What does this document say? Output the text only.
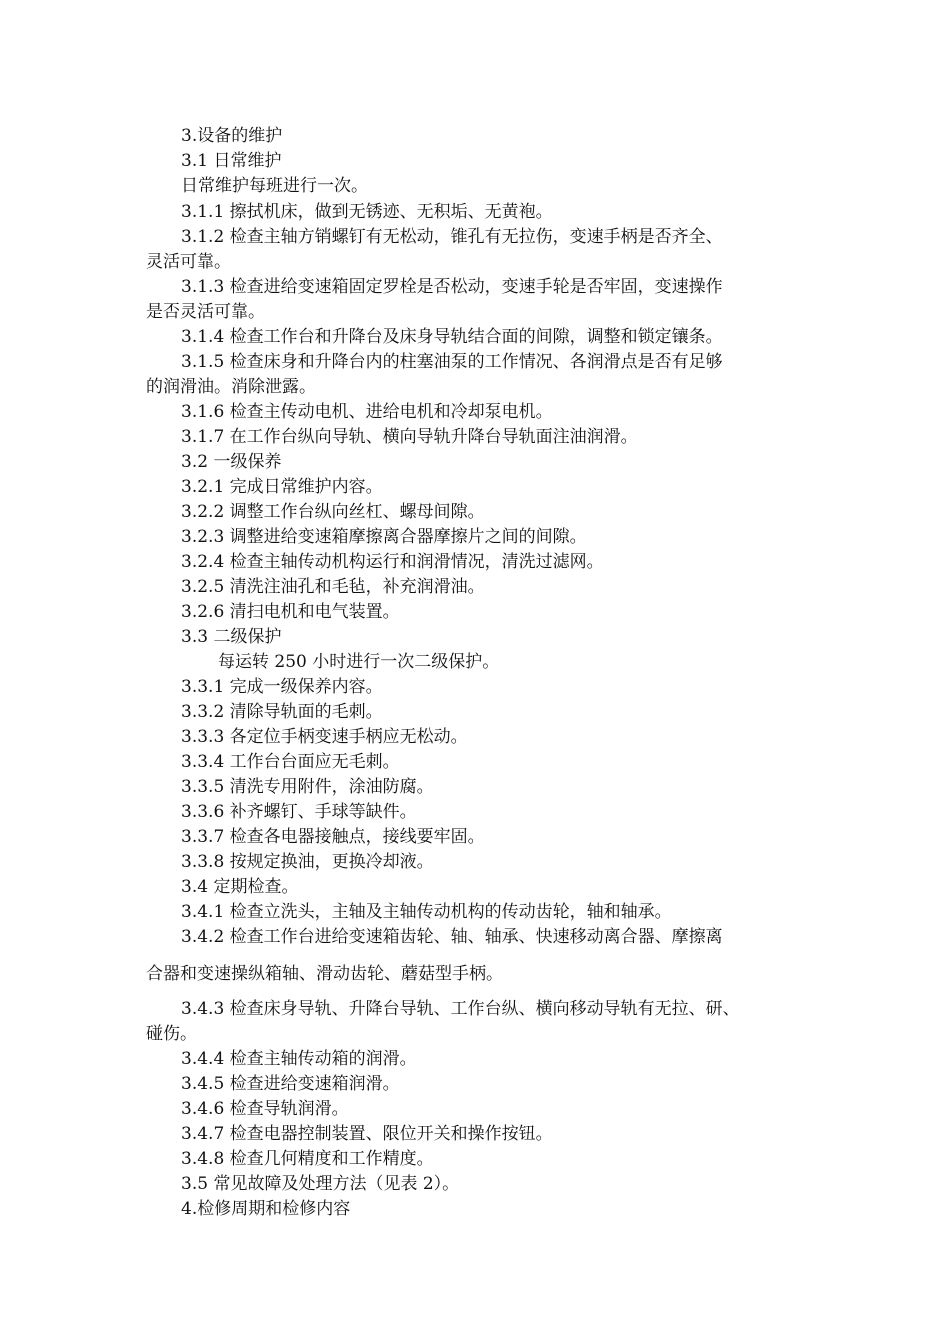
3.设备的维护
3.1 日常维护
日常维护每班进行一次。
3.1.1 擦拭机床，做到无锈迹、无积垢、无黄袍。
3.1.2 检查主轴方销螺钉有无松动，锥孔有无拉伤，变速手柄是否齐全、
灵活可靠。
3.1.3 检查进给变速箱固定罗栓是否松动，变速手轮是否牢固，变速操作
是否灵活可靠。
3.1.4 检查工作台和升降台及床身导轨结合面的间隙，调整和锁定镶条。
3.1.5 检查床身和升降台内的柱塞油泵的工作情况、各润滑点是否有足够
的润滑油。消除泄露。
3.1.6 检查主传动电机、进给电机和冷却泵电机。
3.1.7 在工作台纵向导轨、横向导轨升降台导轨面注油润滑。
3.2 一级保养
3.2.1 完成日常维护内容。
3.2.2 调整工作台纵向丝杠、螺母间隙。
3.2.3 调整进给变速箱摩擦离合器摩擦片之间的间隙。
3.2.4 检查主轴传动机构运行和润滑情况，清洗过滤网。
3.2.5 清洗注油孔和毛毡，补充润滑油。
3.2.6 清扫电机和电气装置。
3.3 二级保护
每运转 250 小时进行一次二级保护。
3.3.1 完成一级保养内容。
3.3.2 清除导轨面的毛刺。
3.3.3 各定位手柄变速手柄应无松动。
3.3.4 工作台台面应无毛刺。
3.3.5 清洗专用附件，涂油防腐。
3.3.6 补齐螺钉、手球等缺件。
3.3.7 检查各电器接触点，接线要牢固。
3.3.8 按规定换油，更换冷却液。
3.4 定期检查。
3.4.1 检查立洗头，主轴及主轴传动机构的传动齿轮，轴和轴承。
3.4.2 检查工作台进给变速箱齿轮、轴、轴承、快速移动离合器、摩擦离
合器和变速操纵箱轴、滑动齿轮、蘑菇型手柄。
3.4.3 检查床身导轨、升降台导轨、工作台纵、横向移动导轨有无拉、研、
碰伤。
3.4.4 检查主轴传动箱的润滑。
3.4.5 检查进给变速箱润滑。
3.4.6 检查导轨润滑。
3.4.7 检查电器控制装置、限位开关和操作按钮。
3.4.8 检查几何精度和工作精度。
3.5 常见故障及处理方法（见表 2）。
4.检修周期和检修内容
